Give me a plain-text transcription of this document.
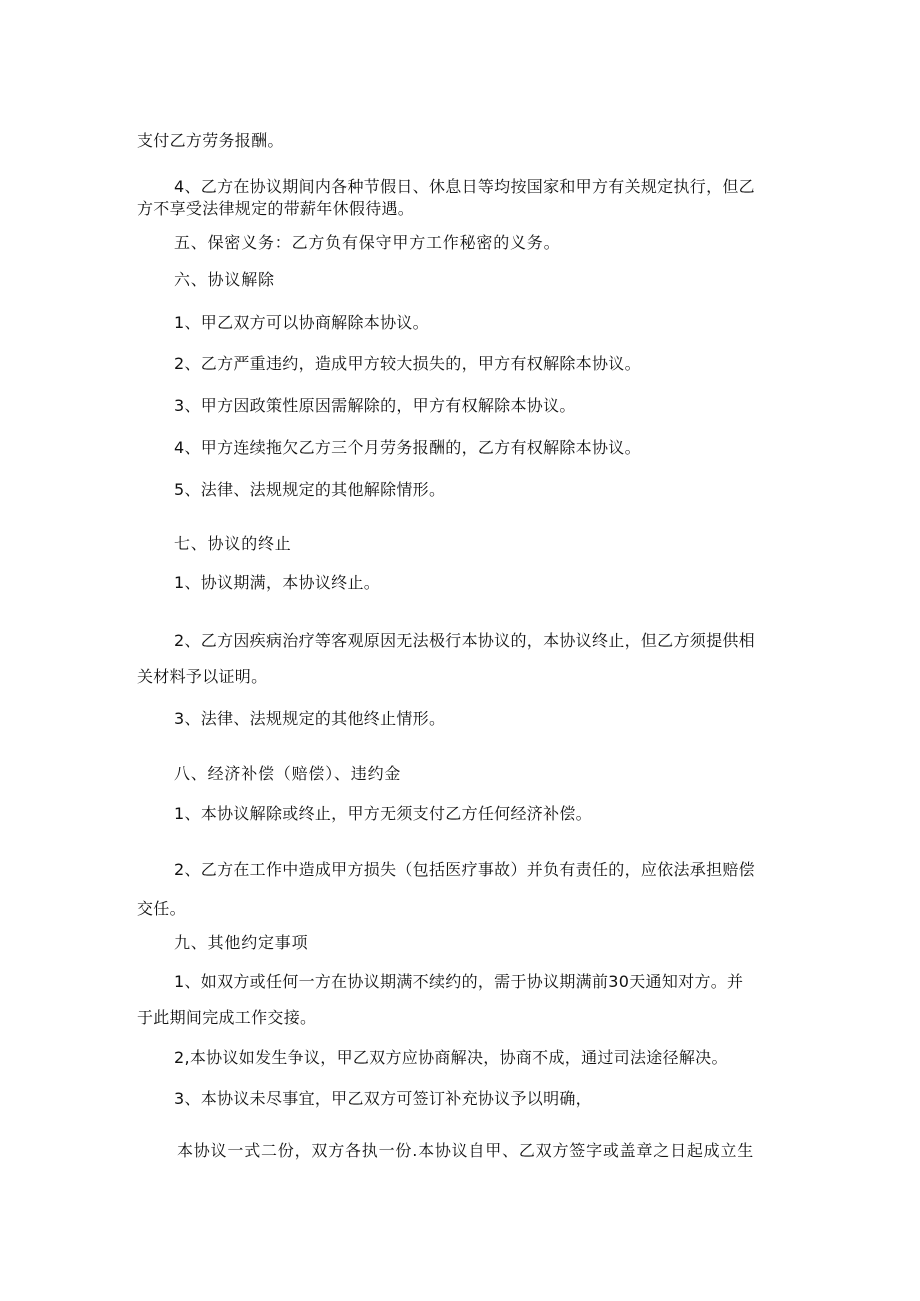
支付乙方劳务报酬。
4、乙方在协议期间内各种节假日、休息日等均按国家和甲方有关规定执行，但乙
方不享受法律规定的带薪年休假待遇。
五、保密义务：乙方负有保守甲方工作秘密的义务。
六、协议解除
1、甲乙双方可以协商解除本协议。
2、乙方严重违约，造成甲方较大损失的，甲方有权解除本协议。
3、甲方因政策性原因需解除的，甲方有权解除本协议。
4、甲方连续拖欠乙方三个月劳务报酬的，乙方有权解除本协议。
5、法律、法规规定的其他解除情形。
七、协议的终止
1、协议期满，本协议终止。
2、乙方因疾病治疗等客观原因无法极行本协议的，本协议终止，但乙方须提供相
关材料予以证明。
3、法律、法规规定的其他终止情形。
八、经济补偿（赔偿）、违约金
1、本协议解除或终止，甲方无须支付乙方任何经济补偿。
2、乙方在工作中造成甲方损失（包括医疗事故）并负有责任的，应依法承担赔偿
交任。
九、其他约定事项
1、如双方或任何一方在协议期满不续约的，需于协议期满前30天通知对方。并
于此期间完成工作交接。
2,本协议如发生争议，甲乙双方应协商解决，协商不成，通过司法途径解决。
3、本协议未尽事宜，甲乙双方可签订补充协议予以明确，
本协议一式二份，双方各执一份.本协议自甲、乙双方签字或盖章之日起成立生
